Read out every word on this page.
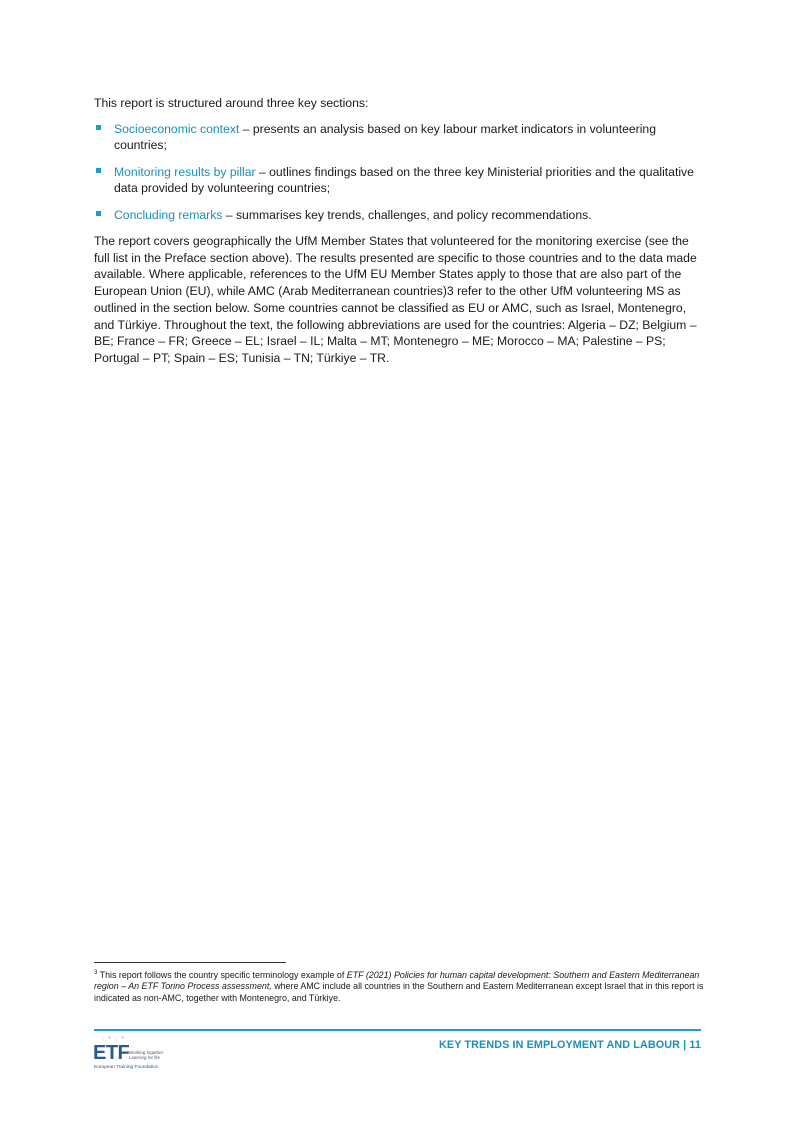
This report is structured around three key sections:

Socioeconomic context – presents an analysis based on key labour market indicators in volunteering countries;
Monitoring results by pillar – outlines findings based on the three key Ministerial priorities and the qualitative data provided by volunteering countries;
Concluding remarks – summarises key trends, challenges, and policy recommendations.

The report covers geographically the UfM Member States that volunteered for the monitoring exercise (see the full list in the Preface section above). The results presented are specific to those countries and to the data made available. Where applicable, references to the UfM EU Member States apply to those that are also part of the European Union (EU), while AMC (Arab Mediterranean countries)3 refer to the other UfM volunteering MS as outlined in the section below. Some countries cannot be classified as EU or AMC, such as Israel, Montenegro, and Türkiye. Throughout the text, the following abbreviations are used for the countries: Algeria – DZ; Belgium – BE; France – FR; Greece – EL; Israel – IL; Malta – MT; Montenegro – ME; Morocco – MA; Palestine – PS; Portugal – PT; Spain – ES; Tunisia – TN; Türkiye – TR.

$^3$ This report follows the country specific terminology example of ETF (2021) Policies for human capital development: Southern and Eastern Mediterranean region – An ETF Torino Process assessment, where AMC include all countries in the Southern and Eastern Mediterranean except Israel that in this report is indicated as non-AMC, together with Montenegro, and Türkiye.

· * · *
ETF Working together Learning for life
European Training Foundation
KEY TRENDS IN EMPLOYMENT AND LABOUR | 11
